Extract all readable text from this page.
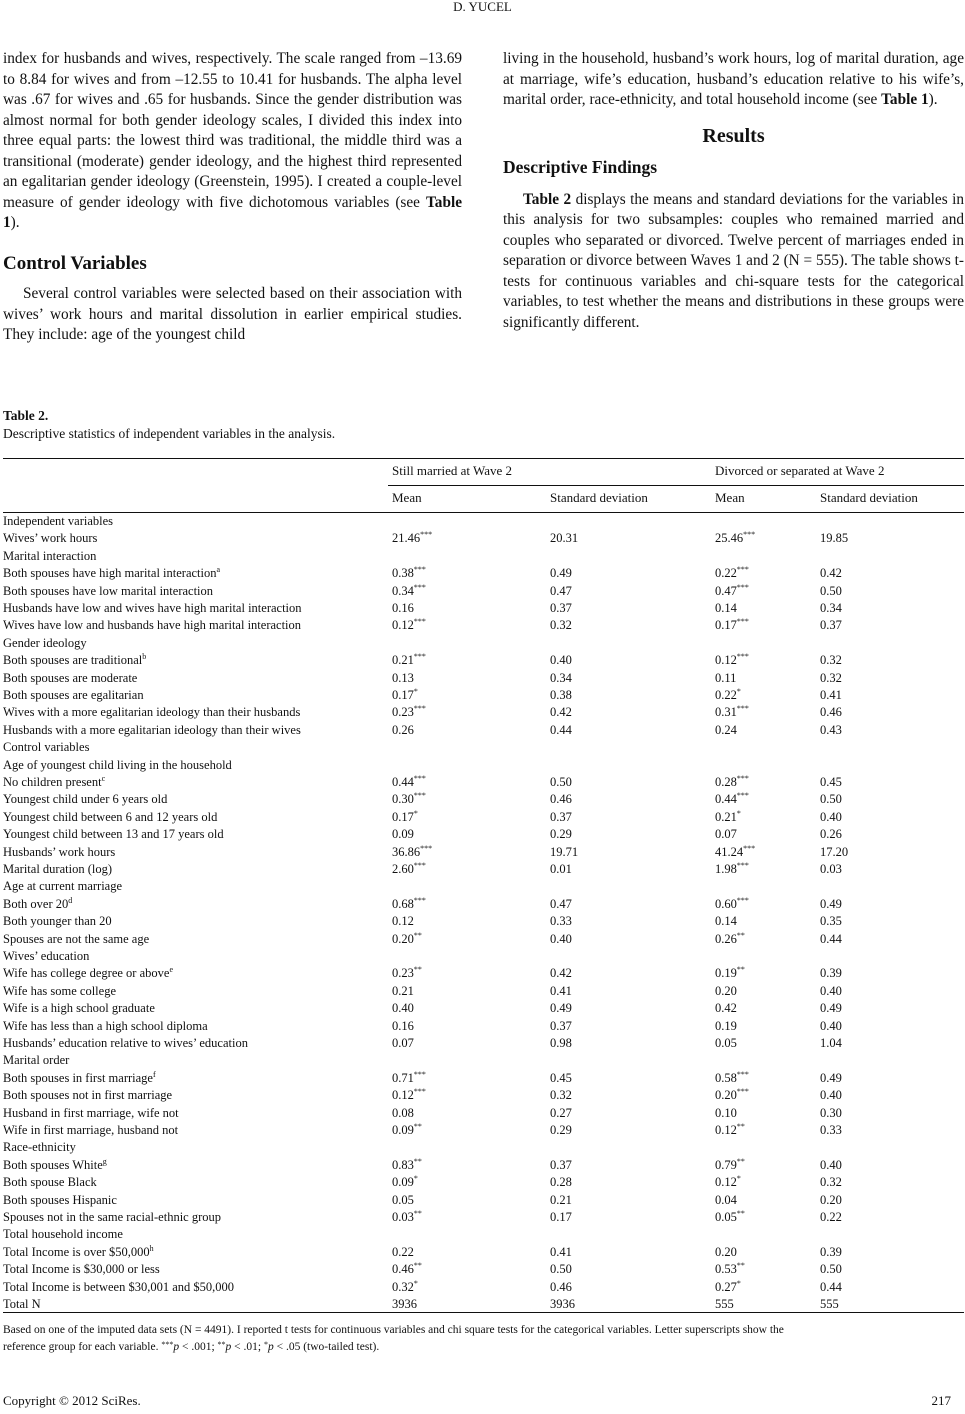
D. YUCEL

index for husbands and wives, respectively. The scale ranged from –13.69 to 8.84 for wives and from –12.55 to 10.41 for husbands. The alpha level was .67 for wives and .65 for husbands. Since the gender distribution was almost normal for both gender ideology scales, I divided this index into three equal parts: the lowest third was traditional, the middle third was a transitional (moderate) gender ideology, and the highest third represented an egalitarian gender ideology (Greenstein, 1995). I created a couple-level measure of gender ideology with five dichotomous variables (see Table 1).

Control Variables

Several control variables were selected based on their association with wives’ work hours and marital dissolution in earlier empirical studies. They include: age of the youngest child

living in the household, husband’s work hours, log of marital duration, age at marriage, wife’s education, husband’s education relative to his wife’s, marital order, race-ethnicity, and total household income (see Table 1).

Results
Descriptive Findings

Table 2 displays the means and standard deviations for the variables in this analysis for two subsamples: couples who remained married and couples who separated or divorced. Twelve percent of marriages ended in separation or divorce between Waves 1 and 2 (N = 555). The table shows t-tests for continuous variables and chi-square tests for the categorical variables, to test whether the means and distributions in these groups were significantly different.

Table 2.
Descriptive statistics of independent variables in the analysis.
Still married at Wave 2	Divorced or separated at Wave 2
Mean	Standard deviation	Mean	Standard deviation
Independent variables
Wives’ work hours	21.46***	20.31	25.46***	19.85
Marital interaction
Both spouses have high marital interaction$^a$	0.38***	0.49	0.22***	0.42
Both spouses have low marital interaction	0.34***	0.47	0.47***	0.50
Husbands have low and wives have high marital interaction	0.16	0.37	0.14	0.34
Wives have low and husbands have high marital interaction	0.12***	0.32	0.17***	0.37
Gender ideology
Both spouses are traditional$^b$	0.21***	0.40	0.12***	0.32
Both spouses are moderate	0.13	0.34	0.11	0.32
Both spouses are egalitarian	0.17*	0.38	0.22*	0.41
Wives with a more egalitarian ideology than their husbands	0.23***	0.42	0.31***	0.46
Husbands with a more egalitarian ideology than their wives	0.26	0.44	0.24	0.43
Control variables
Age of youngest child living in the household
No children present$^c$	0.44***	0.50	0.28***	0.45
Youngest child under 6 years old	0.30***	0.46	0.44***	0.50
Youngest child between 6 and 12 years old	0.17*	0.37	0.21*	0.40
Youngest child between 13 and 17 years old	0.09	0.29	0.07	0.26
Husbands’ work hours	36.86***	19.71	41.24***	17.20
Marital duration (log)	2.60***	0.01	1.98***	0.03
Age at current marriage
Both over 20$^d$	0.68***	0.47	0.60***	0.49
Both younger than 20	0.12	0.33	0.14	0.35
Spouses are not the same age	0.20**	0.40	0.26**	0.44
Wives’ education
Wife has college degree or above$^e$	0.23**	0.42	0.19**	0.39
Wife has some college	0.21	0.41	0.20	0.40
Wife is a high school graduate	0.40	0.49	0.42	0.49
Wife has less than a high school diploma	0.16	0.37	0.19	0.40
Husbands’ education relative to wives’ education	0.07	0.98	0.05	1.04
Marital order
Both spouses in first marriage$^f$	0.71***	0.45	0.58***	0.49
Both spouses not in first marriage	0.12***	0.32	0.20***	0.40
Husband in first marriage, wife not	0.08	0.27	0.10	0.30
Wife in first marriage, husband not	0.09**	0.29	0.12**	0.33
Race-ethnicity
Both spouses White$^g$	0.83**	0.37	0.79**	0.40
Both spouse Black	0.09*	0.28	0.12*	0.32
Both spouses Hispanic	0.05	0.21	0.04	0.20
Spouses not in the same racial-ethnic group	0.03**	0.17	0.05**	0.22
Total household income
Total Income is over $50,000$^h$	0.22	0.41	0.20	0.39
Total Income is $30,000 or less	0.46**	0.50	0.53**	0.50
Total Income is between $30,001 and $50,000	0.32*	0.46	0.27*	0.44
Total N	3936	3936	555	555
Based on one of the imputed data sets (N = 4491). I reported t tests for continuous variables and chi square tests for the categorical variables. Letter superscripts show the
reference group for each variable. ***p < .001; **p < .01; *p < .05 (two-tailed test).
Copyright © 2012 SciRes.	217
